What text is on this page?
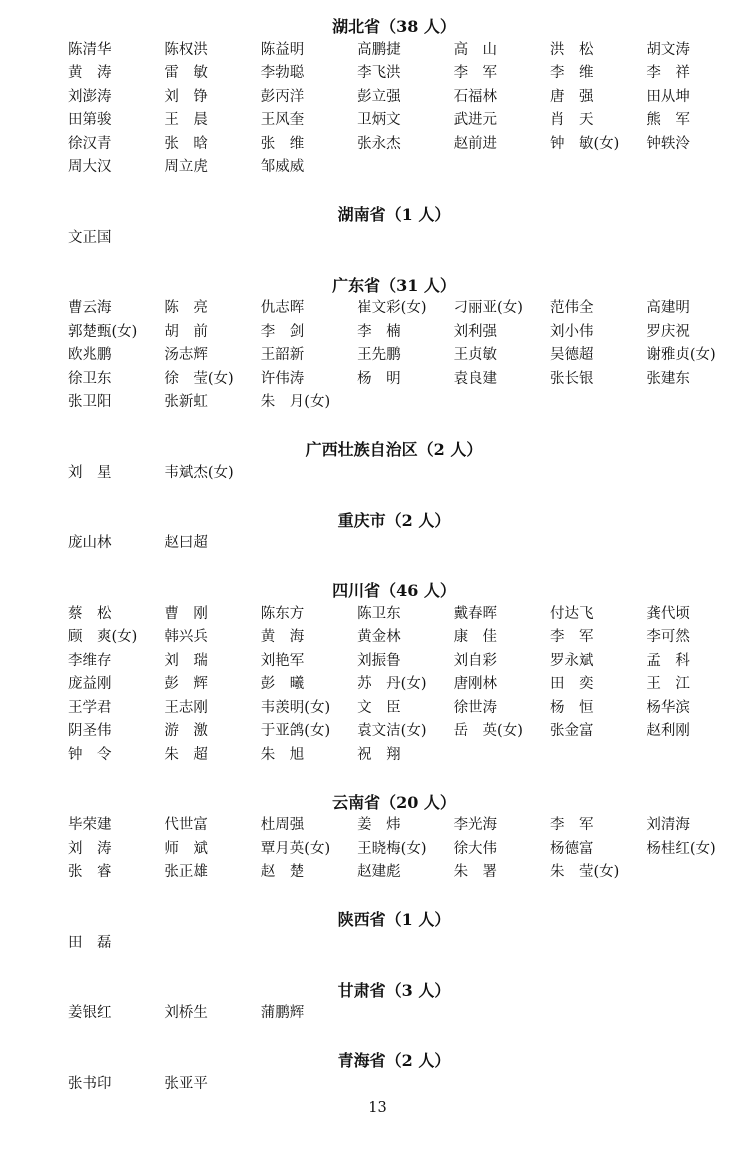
湖北省（38 人）
陈清华	陈权洪	陈益明	高鹏捷	高　山	洪　松	胡文涛
黄　涛	雷　敏	李勃聪	李飞洪	李　军	李　维	李　祥
刘澎涛	刘　铮	彭丙洋	彭立强	石福林	唐　强	田从坤
田第骏	王　晨	王风奎	卫炳文	武进元	肖　天	熊　军
徐汉青	张　晗	张　维	张永杰	赵前进	钟　敏(女)	钟轶泠
周大汉	周立虎	邹威威
湖南省（1 人）
文正国
广东省（31 人）
曹云海	陈　亮	仇志晖	崔文彩(女)	刁丽亚(女)	范伟全	高建明
郭楚甄(女)	胡　前	李　剑	李　楠	刘利强	刘小伟	罗庆祝
欧兆鹏	汤志辉	王韶新	王先鹏	王贞敏	吴德超	谢雅贞(女)
徐卫东	徐　莹(女)	许伟涛	杨　明	袁良建	张长银	张建东
张卫阳	张新虹	朱　月(女)
广西壮族自治区（2 人）
刘　星	韦斌杰(女)
重庆市（2 人）
庞山林	赵曰超
四川省（46 人）
蔡　松	曹　刚	陈东方	陈卫东	戴春晖	付达飞	龚代顷
顾　爽(女)	韩兴兵	黄　海	黄金林	康　佳	李　军	李可然
李维存	刘　瑞	刘艳军	刘振鲁	刘自彩	罗永斌	孟　科
庞益刚	彭　辉	彭　曦	苏　丹(女)	唐刚林	田　奕	王　江
王学君	王志刚	韦羡明(女)	文　臣	徐世涛	杨　恒	杨华滨
阴圣伟	游　激	于亚鸽(女)	袁文洁(女)	岳　英(女)	张金富	赵利刚
钟　令	朱　超	朱　旭	祝　翔
云南省（20 人）
毕荣建	代世富	杜周强	姜　炜	李光海	李　军	刘清海
刘　涛	师　斌	覃月英(女)	王晓梅(女)	徐大伟	杨德富	杨桂红(女)
张　睿	张正雄	赵　楚	赵建彪	朱　署	朱　莹(女)
陕西省（1 人）
田　磊
甘肃省（3 人）
姜银红	刘桥生	蒲鹏辉
青海省（2 人）
张书印	张亚平
13
